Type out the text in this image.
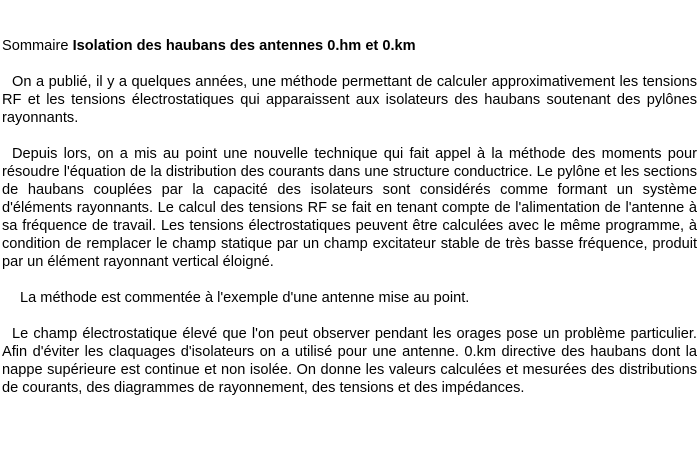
Sommaire Isolation des haubans des antennes 0.hm et 0.km

On a publié, il y a quelques années, une méthode permettant de calculer approximativement les tensions RF et les tensions électrostatiques qui apparaissent aux isolateurs des haubans soutenant des pylônes rayonnants.

Depuis lors, on a mis au point une nouvelle technique qui fait appel à la méthode des moments pour résoudre l'équation de la distribution des courants dans une structure conductrice. Le pylône et les sections de haubans couplées par la capacité des isolateurs sont considérés comme formant un système d'éléments rayonnants. Le calcul des tensions RF se fait en tenant compte de l'alimentation de l'antenne à sa fréquence de travail. Les tensions électrostatiques peuvent être calculées avec le même programme, à condition de remplacer le champ statique par un champ excitateur stable de très basse fréquence, produit par un élément rayonnant vertical éloigné.

La méthode est commentée à l'exemple d'une antenne mise au point.

Le champ électrostatique élevé que l'on peut observer pendant les orages pose un problème particulier. Afin d'éviter les claquages d'isolateurs on a utilisé pour une antenne. 0.km directive des haubans dont la nappe supérieure est continue et non isolée. On donne les valeurs calculées et mesurées des distributions de courants, des diagrammes de rayonnement, des tensions et des impédances.
